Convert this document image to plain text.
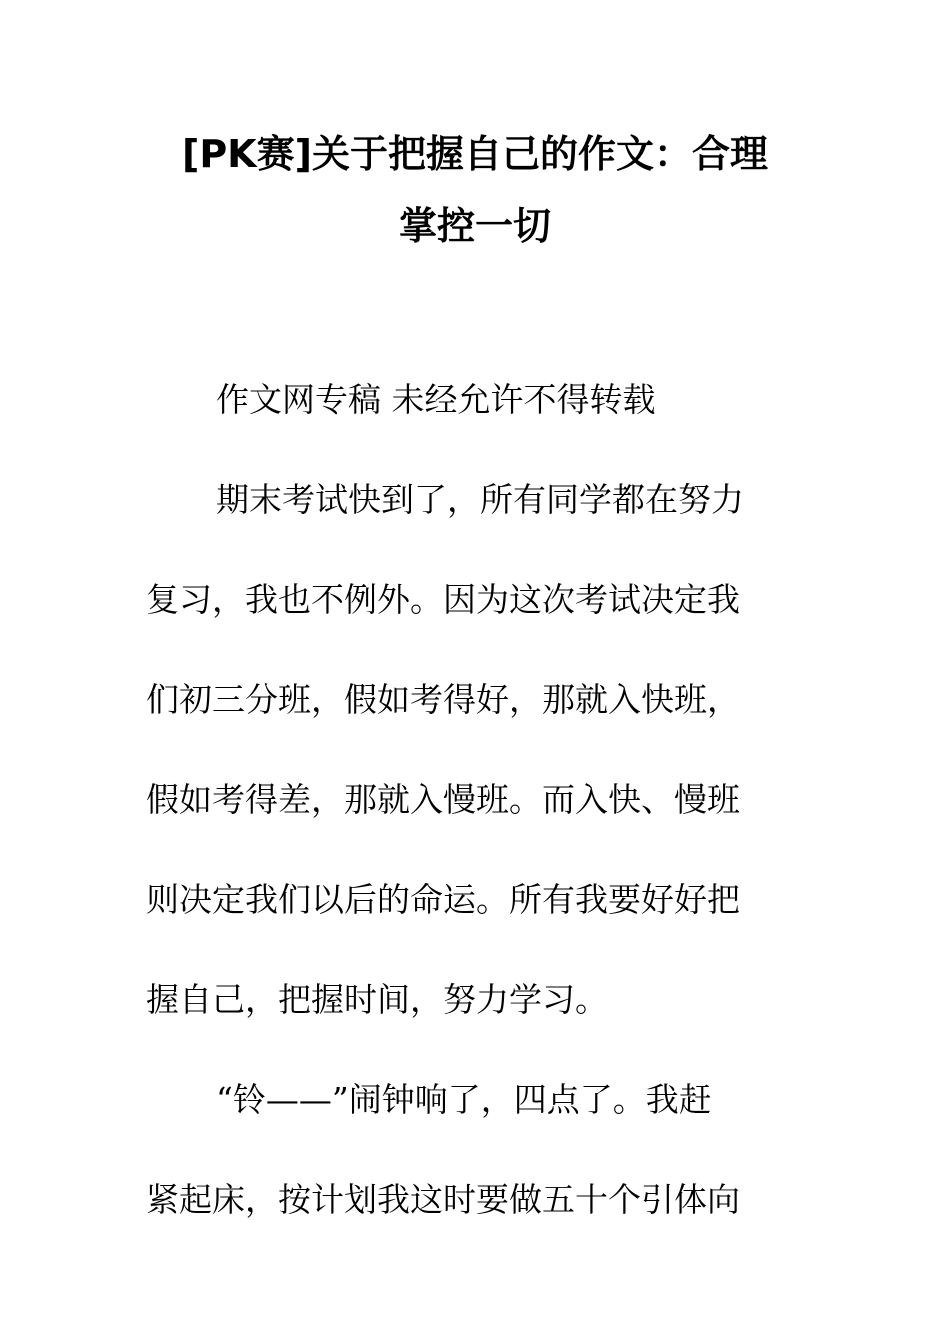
[PK赛]关于把握自己的作文：合理
掌控一切
作文网专稿 未经允许不得转载
期末考试快到了，所有同学都在努力
复习，我也不例外。因为这次考试决定我
们初三分班，假如考得好，那就入快班，
假如考得差，那就入慢班。而入快、慢班
则决定我们以后的命运。所有我要好好把
握自己，把握时间，努力学习。
“铃——”闹钟响了，四点了。我赶
紧起床，按计划我这时要做五十个引体向
